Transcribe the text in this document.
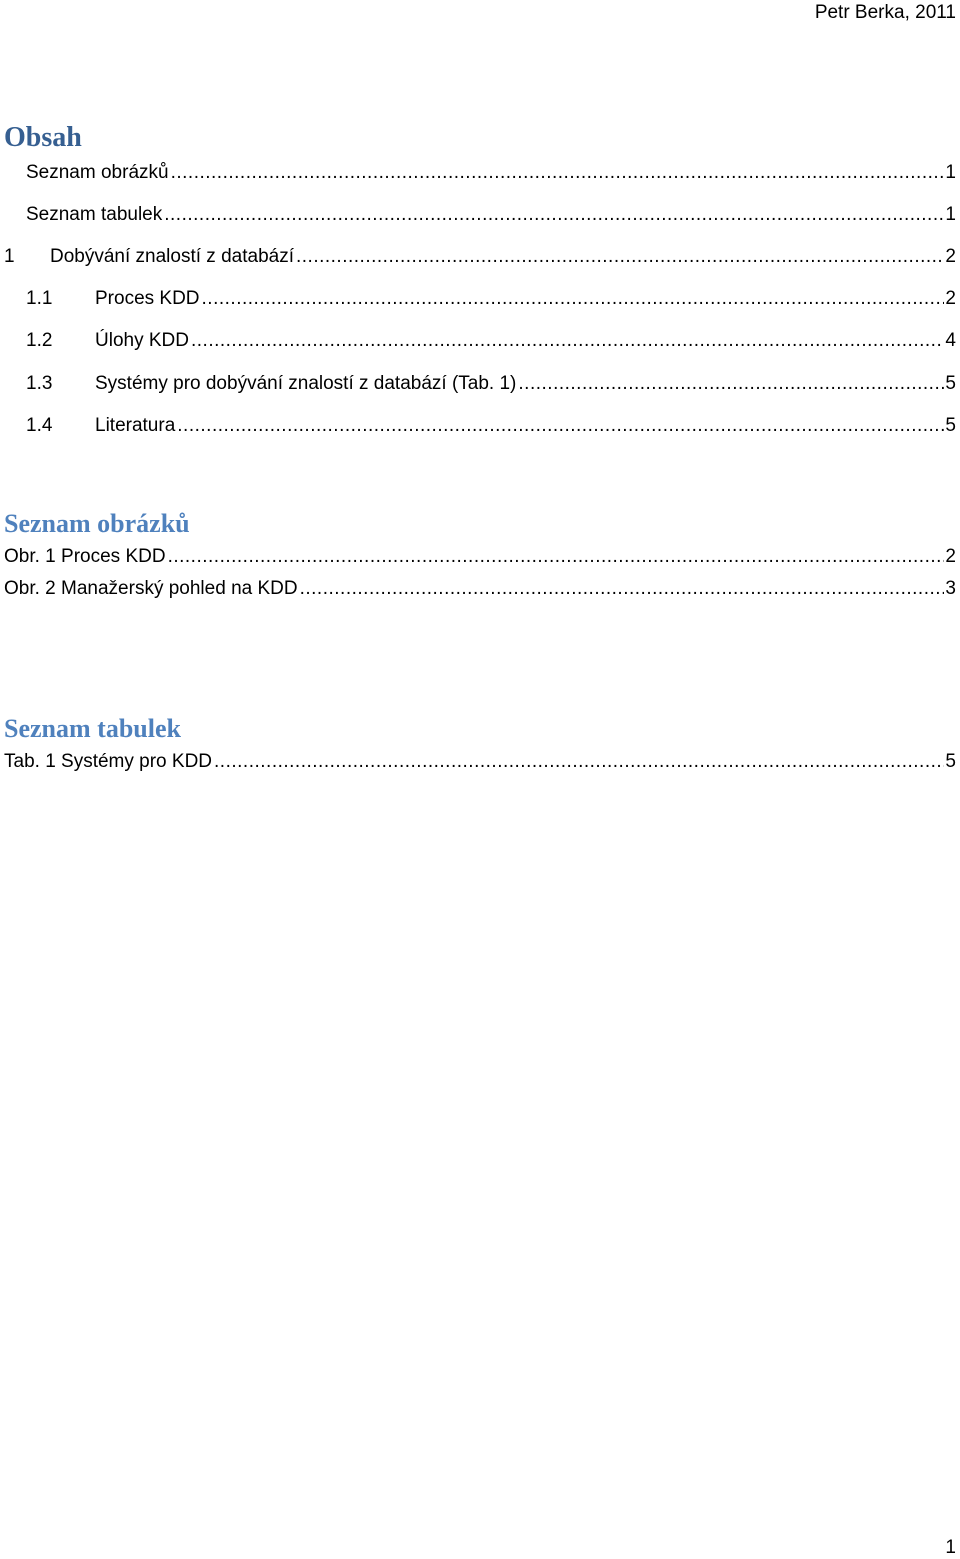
Petr Berka, 2011
Obsah
Seznam obrázků .....	1
Seznam tabulek .....	1
1	Dobývání znalostí z databází .....	2
1.1	Proces KDD .....	2
1.2	Úlohy KDD .....	4
1.3	Systémy pro dobývání znalostí z databází (Tab. 1) .....	5
1.4	Literatura .....	5
Seznam obrázků
Obr. 1 Proces KDD .....	2
Obr. 2 Manažerský pohled na KDD .....	3
Seznam tabulek
Tab. 1 Systémy pro KDD .....	5
1
